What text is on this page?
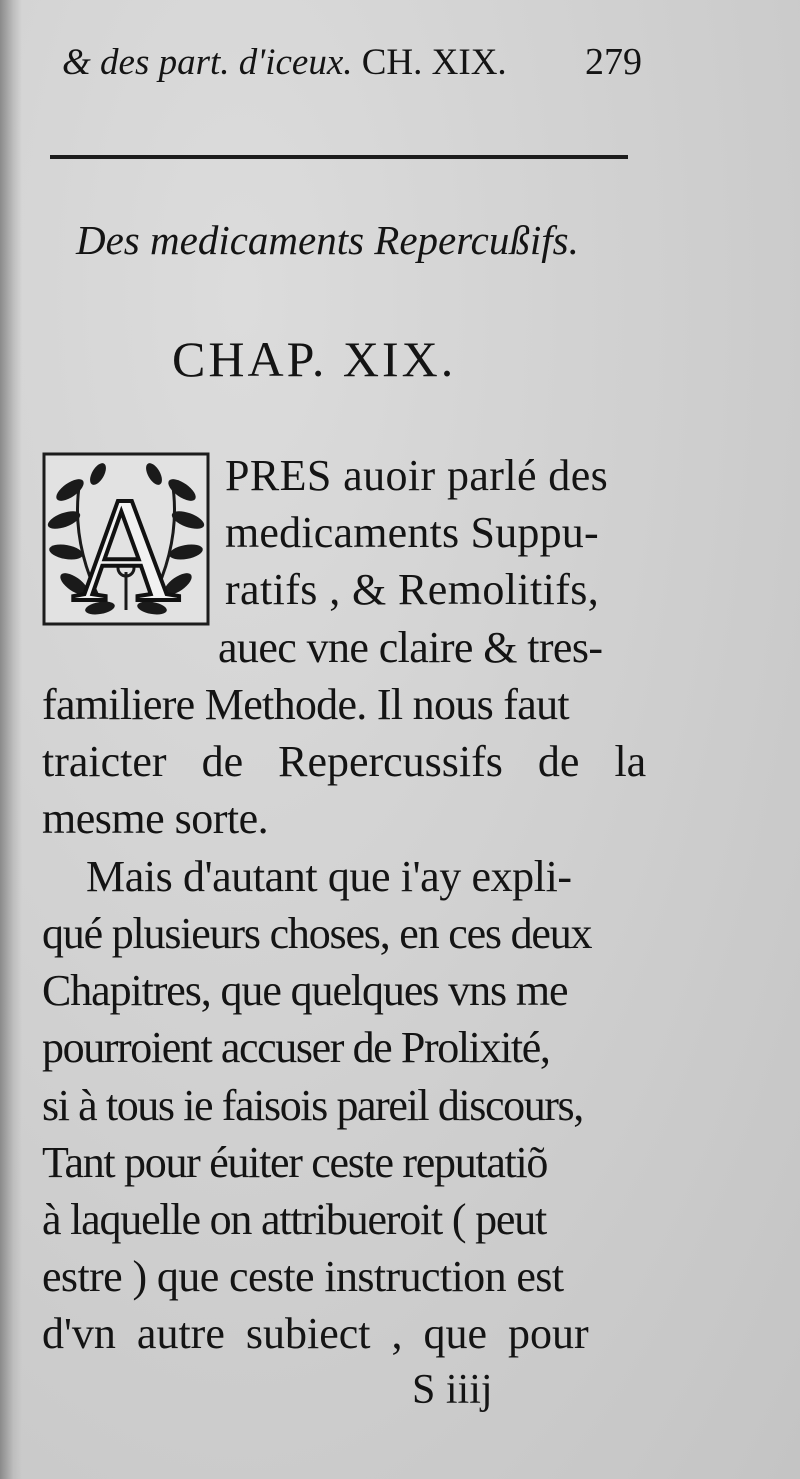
& des part. d'iceux. CH. XIX. 279
Des medicaments Repercußifs.
CHAP. XIX.
A PRES auoir parlé des
medicaments Suppu-
ratifs , & Remolitifs,
auec vne claire & tres-
familiere Methode. Il nous faut
traicter de Repercussifs de la
mesme sorte.
Mais d'autant que i'ay expli-
qué plusieurs choses, en ces deux
Chapitres, que quelques vns me
pourroient accuser de Prolixité,
si à tous ie faisois pareil discours,
Tant pour éuiter ceste reputatiõ
à laquelle on attribueroit ( peut
estre ) que ceste instruction est
d'vn autre subiect , que pour
S iiij
